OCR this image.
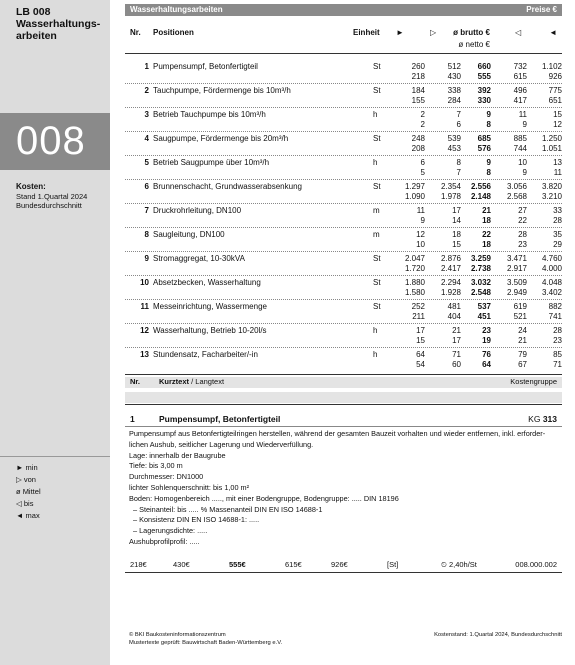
LB 008
Wasserhaltungs-
arbeiten
008
Kosten:
Stand 1.Quartal 2024
Bundesdurchschnitt
► min
▷ von
ø Mittel
◁ bis
◄ max
Wasserhaltungsarbeiten	Preise €
Nr. Positionen	Einheit ►	▷ ø brutto €
ø netto €
◁	◄
1 Pumpensumpf, Betonfertigteil	St	260	512 660	732 1.102
218	430 555	615	926
2 Tauchpumpe, Fördermenge bis 10m³/h	St	184	338 392	496	775
155	284 330	417	651
3 Betrieb Tauchpumpe bis 10m³/h	h	2	7	9	11	15
2	6	8	9	12
4 Saugpumpe, Fördermenge bis 20m³/h	St	248	539 685	885 1.250
208	453 576	744 1.051
5 Betrieb Saugpumpe über 10m³/h	h	6	8	9	10	13
5	7	8	9	11
6 Brunnenschacht, Grundwasserabsenkung	St	1.297 2.354 2.556 3.056 3.820
1.090 1.978 2.148 2.568 3.210
7 Druckrohrleitung, DN100	m	11	17	21	27	33
9	14	18	22	28
8 Saugleitung, DN100	m	12	18	22	28	35
10	15	18	23	29
9 Stromaggregat, 10-30kVA	St	2.047 2.876 3.259 3.471 4.760
1.720 2.417 2.738 2.917 4.000
10 Absetzbecken, Wasserhaltung	St	1.880 2.294 3.032 3.509 4.048
1.580 1.928 2.548 2.949 3.402
11 Messeinrichtung, Wassermenge	St	252	481 537	619	882
211	404 451	521	741
12 Wasserhaltung, Betrieb 10-20l/s	h	17	21	23	24	28
15	17	19	21	23
13 Stundensatz, Facharbeiter/-in	h	64	71	76	79	85
54	60	64	67	71
Nr.	Kurztext / Langtext	Kostengruppe
1	Pumpensumpf, Betonfertigteil	KG 313
Pumpensumpf aus Betonfertigteilringen herstellen, während der gesamten Bauzeit vorhalten und wieder entfernen, inkl. erforder-
lichen Aushub, seitlicher Lagerung und Wiederverfüllung.
Lage: innerhalb der Baugrube
Tiefe: bis 3,00 m
Durchmesser: DN1000
lichter Sohlenquerschnitt: bis 1,00 m²
Boden: Homogenbereich ....., mit einer Bodengruppe, Bodengruppe: ..... DIN 18196
– Steinanteil: bis ..... % Massenanteil DIN EN ISO 14688-1
– Konsistenz DIN EN ISO 14688-1: .....
– Lagerungsdichte: .....
Aushubprofilprofil: .....
218€	430€	555€	615€	926€	[St]	⏲ 2,40h/St	008.000.002
© BKI Baukosteninformationszentrum
Mustertexte geprüft: Bauwirtschaft Baden-Württemberg e.V.
Kostenstand: 1.Quartal 2024, Bundesdurchschnitt
